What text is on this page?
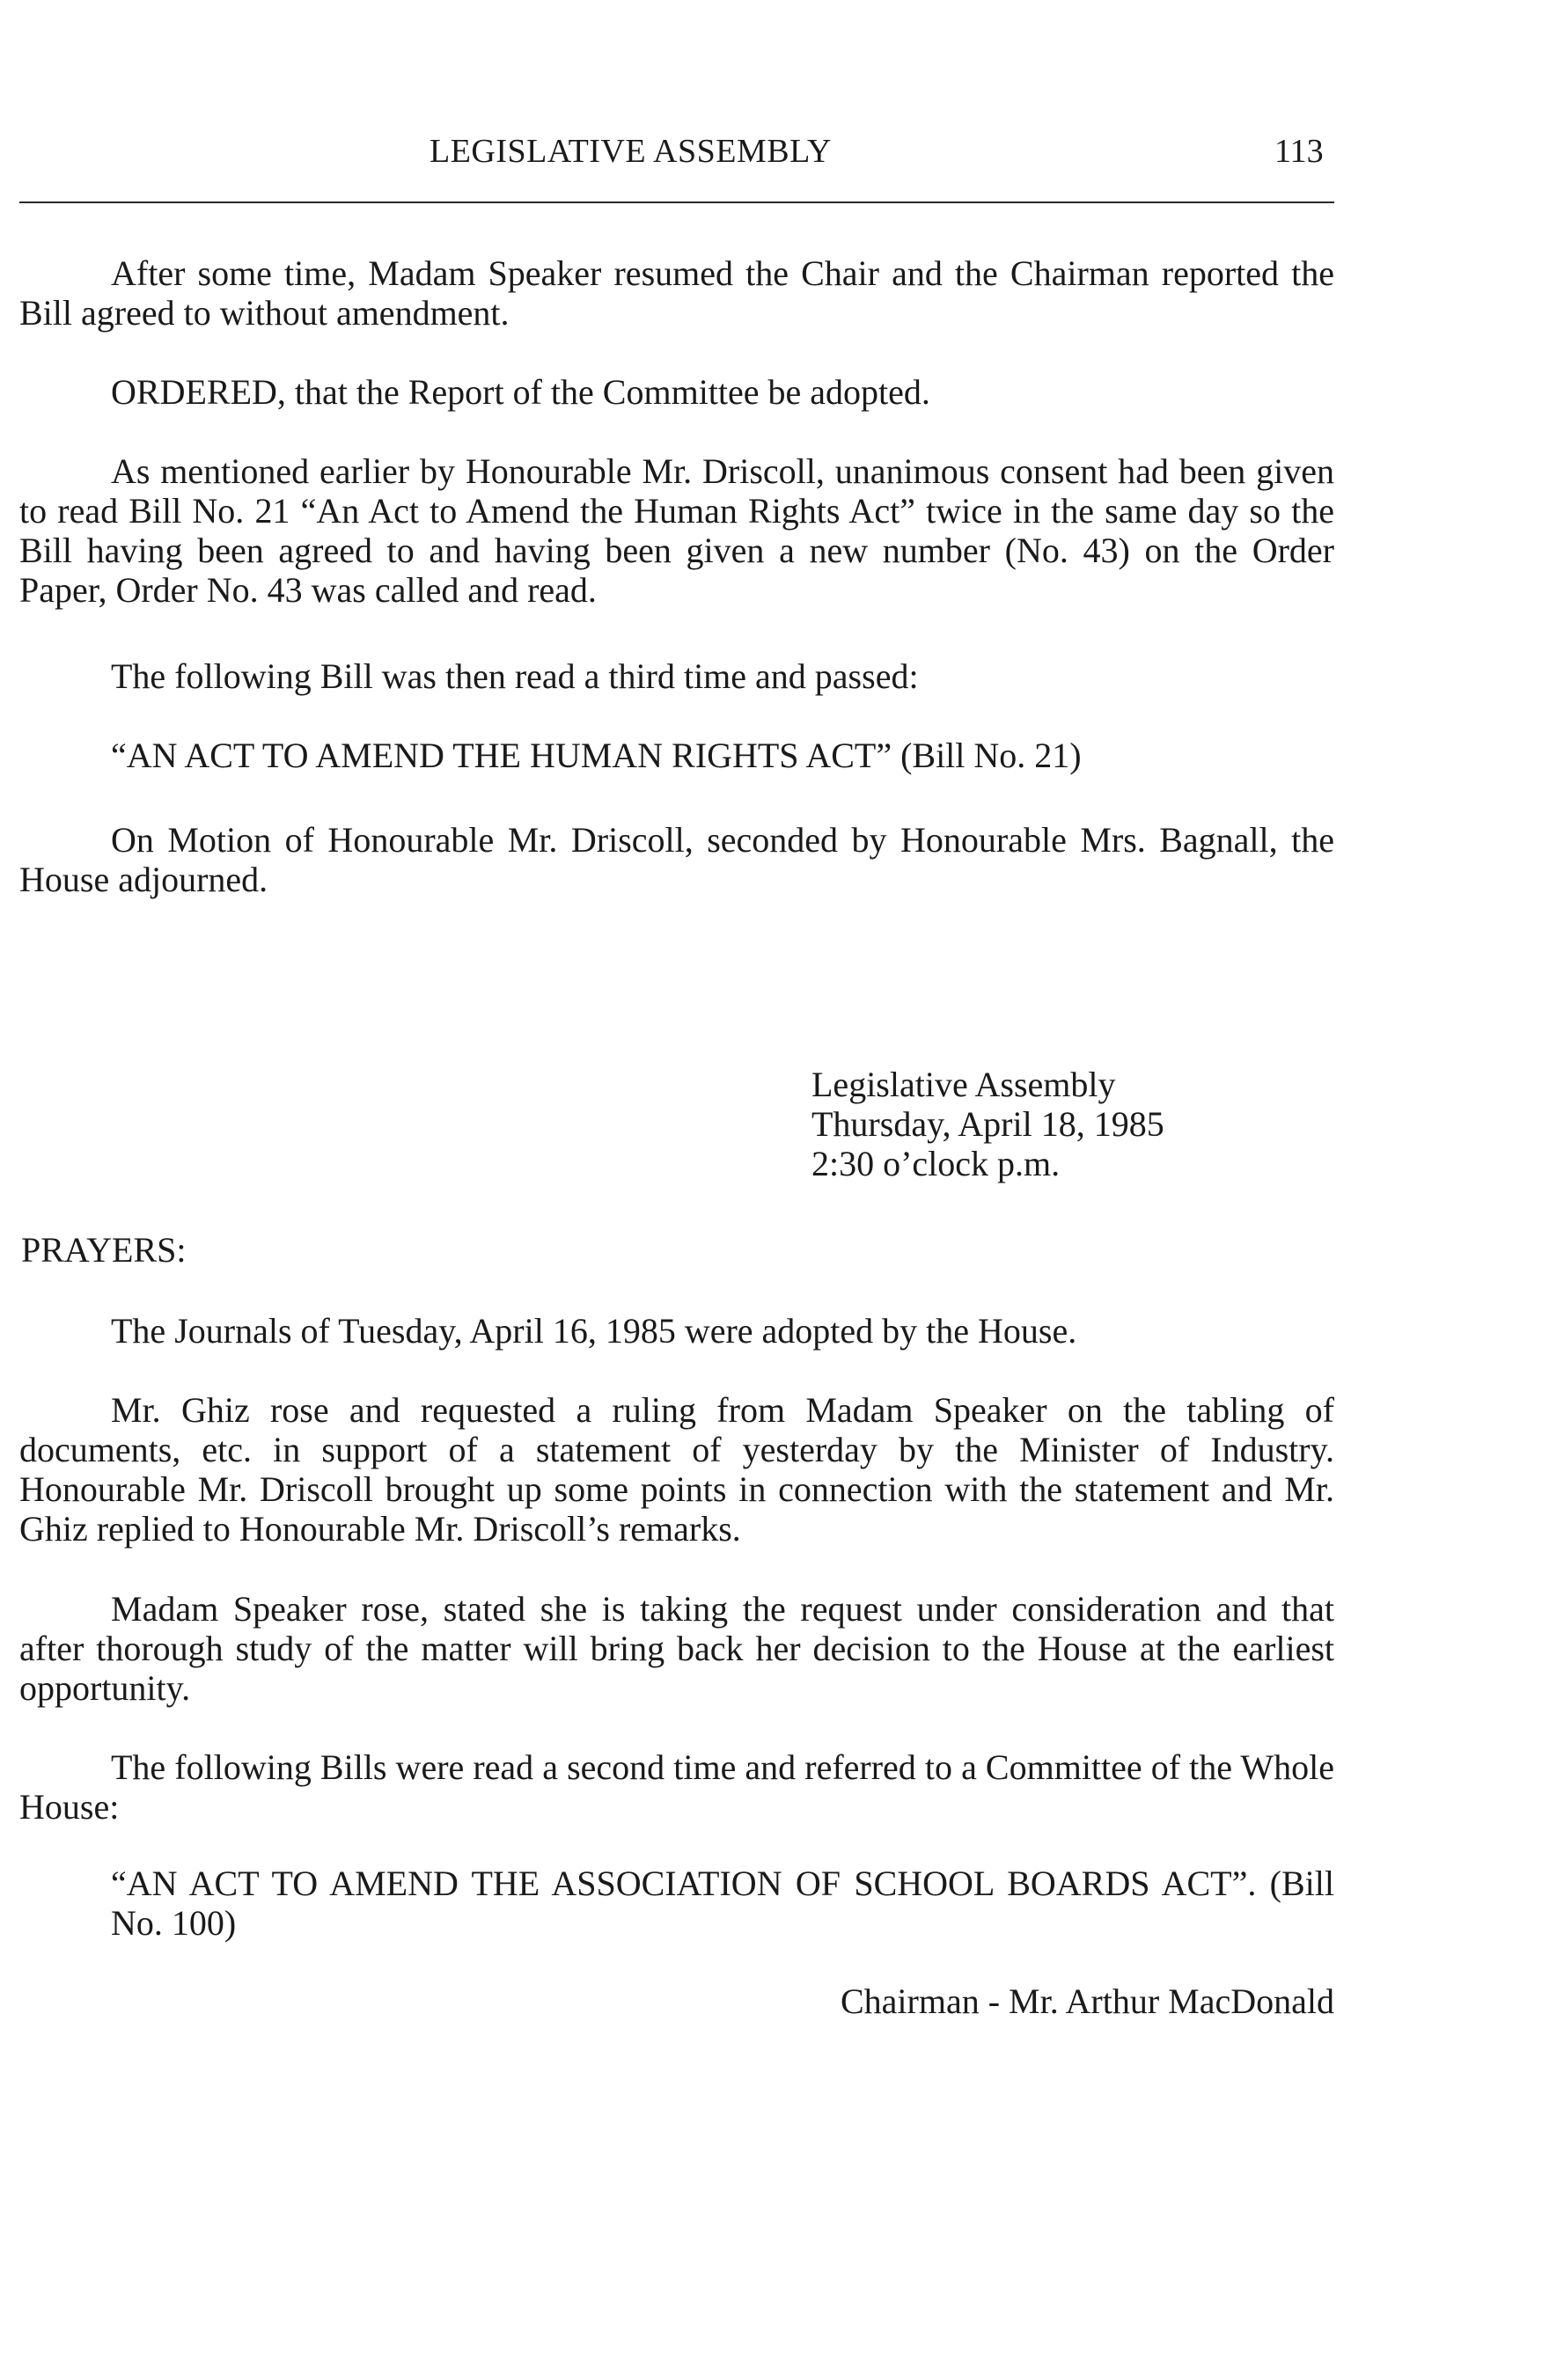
LEGISLATIVE ASSEMBLY	113

After some time, Madam Speaker resumed the Chair and the Chairman reported the Bill agreed to without amendment.

ORDERED, that the Report of the Committee be adopted.

As mentioned earlier by Honourable Mr. Driscoll, unanimous consent had been given to read Bill No. 21 “An Act to Amend the Human Rights Act” twice in the same day so the Bill having been agreed to and having been given a new number (No. 43) on the Order Paper, Order No. 43 was called and read.

The following Bill was then read a third time and passed:

“AN ACT TO AMEND THE HUMAN RIGHTS ACT” (Bill No. 21)

On Motion of Honourable Mr. Driscoll, seconded by Honourable Mrs. Bagnall, the House adjourned.

Legislative Assembly
Thursday, April 18, 1985
2:30 o’clock p.m.
PRAYERS:

The Journals of Tuesday, April 16, 1985 were adopted by the House.

Mr. Ghiz rose and requested a ruling from Madam Speaker on the tabling of documents, etc. in support of a statement of yesterday by the Minister of Industry. Honourable Mr. Driscoll brought up some points in connection with the statement and Mr. Ghiz replied to Honourable Mr. Driscoll’s remarks.

Madam Speaker rose, stated she is taking the request under consideration and that after thorough study of the matter will bring back her decision to the House at the earliest opportunity.

The following Bills were read a second time and referred to a Committee of the Whole House:

“AN ACT TO AMEND THE ASSOCIATION OF SCHOOL BOARDS ACT”. (Bill No. 100)

Chairman - Mr. Arthur MacDonald
